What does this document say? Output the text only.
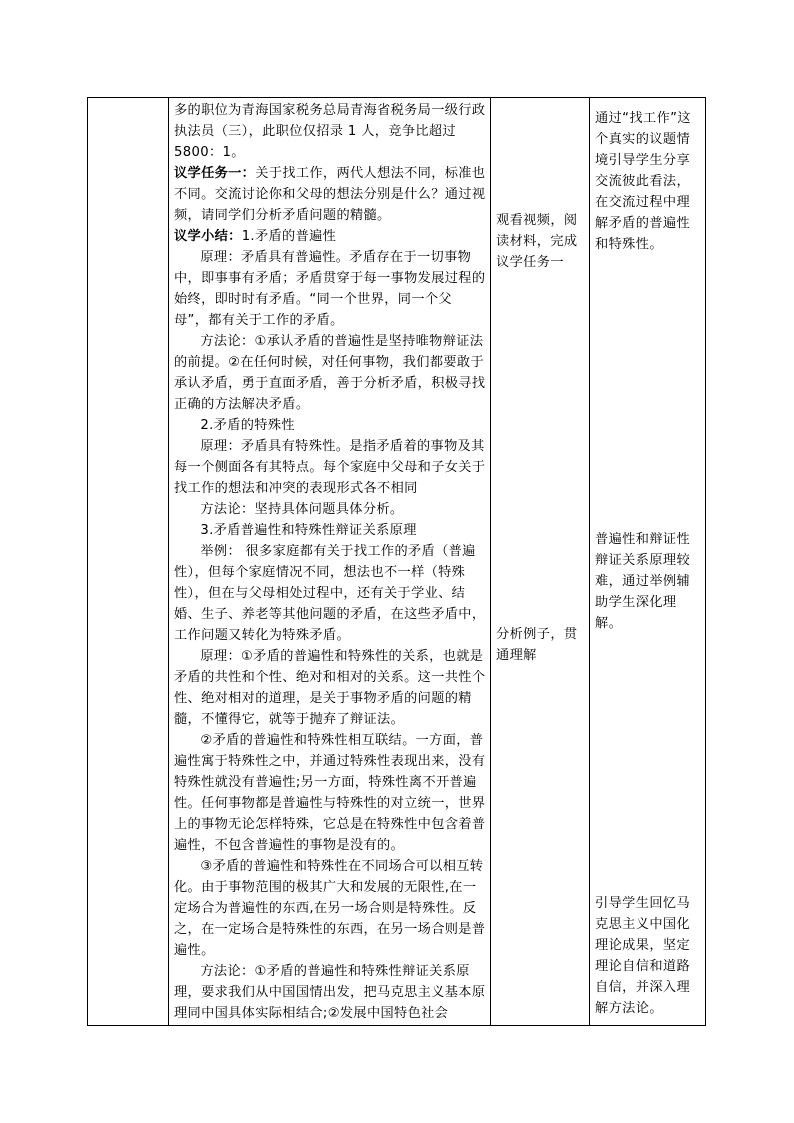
多的职位为青海国家税务总局青海省税务局一级行政执法员（三），此职位仅招录 1 人，竞争比超过 5800：1。

议学任务一：关于找工作，两代人想法不同，标准也不同。交流讨论你和父母的想法分别是什么？通过视频，请同学们分析矛盾问题的精髓。

议学小结：1.矛盾的普遍性

原理：矛盾具有普遍性。矛盾存在于一切事物中，即事事有矛盾；矛盾贯穿于每一事物发展过程的始终，即时时有矛盾。“同一个世界，同一个父母”，都有关于工作的矛盾。

方法论：①承认矛盾的普遍性是坚持唯物辩证法的前提。②在任何时候，对任何事物，我们都要敢于承认矛盾，勇于直面矛盾，善于分析矛盾，积极寻找正确的方法解决矛盾。

2.矛盾的特殊性

原理：矛盾具有特殊性。是指矛盾着的事物及其每一个侧面各有其特点。每个家庭中父母和子女关于找工作的想法和冲突的表现形式各不相同

方法论：坚持具体问题具体分析。

3.矛盾普遍性和特殊性辩证关系原理

举例： 很多家庭都有关于找工作的矛盾（普遍性），但每个家庭情况不同，想法也不一样（特殊性），但在与父母相处过程中，还有关于学业、结婚、生子、养老等其他问题的矛盾，在这些矛盾中，工作问题又转化为特殊矛盾。

原理：①矛盾的普遍性和特殊性的关系，也就是矛盾的共性和个性、绝对和相对的关系。这一共性个性、绝对相对的道理，是关于事物矛盾的问题的精髓，不懂得它，就等于抛弃了辩证法。

②矛盾的普遍性和特殊性相互联结。一方面，普遍性寓于特殊性之中，并通过特殊性表现出来，没有特殊性就没有普遍性;另一方面，特殊性离不开普遍性。任何事物都是普遍性与特殊性的对立统一，世界上的事物无论怎样特殊，它总是在特殊性中包含着普遍性，不包含普遍性的事物是没有的。

③矛盾的普遍性和特殊性在不同场合可以相互转化。由于事物范围的极其广大和发展的无限性,在一定场合为普遍性的东西,在另一场合则是特殊性。反之，在一定场合是特殊性的东西，在另一场合则是普遍性。

方法论：①矛盾的普遍性和特殊性辩证关系原理，要求我们从中国国情出发，把马克思主义基本原理同中国具体实际相结合;②发展中国特色社会

观看视频，阅读材料，完成议学任务一
分析例子，贯通理解
通过“找工作”这个真实的议题情境引导学生分享交流彼此看法，在交流过程中理解矛盾的普遍性和特殊性。
普遍性和辩证性辩证关系原理较难，通过举例辅助学生深化理解。
引导学生回忆马克思主义中国化理论成果，坚定理论自信和道路自信，并深入理解方法论。
